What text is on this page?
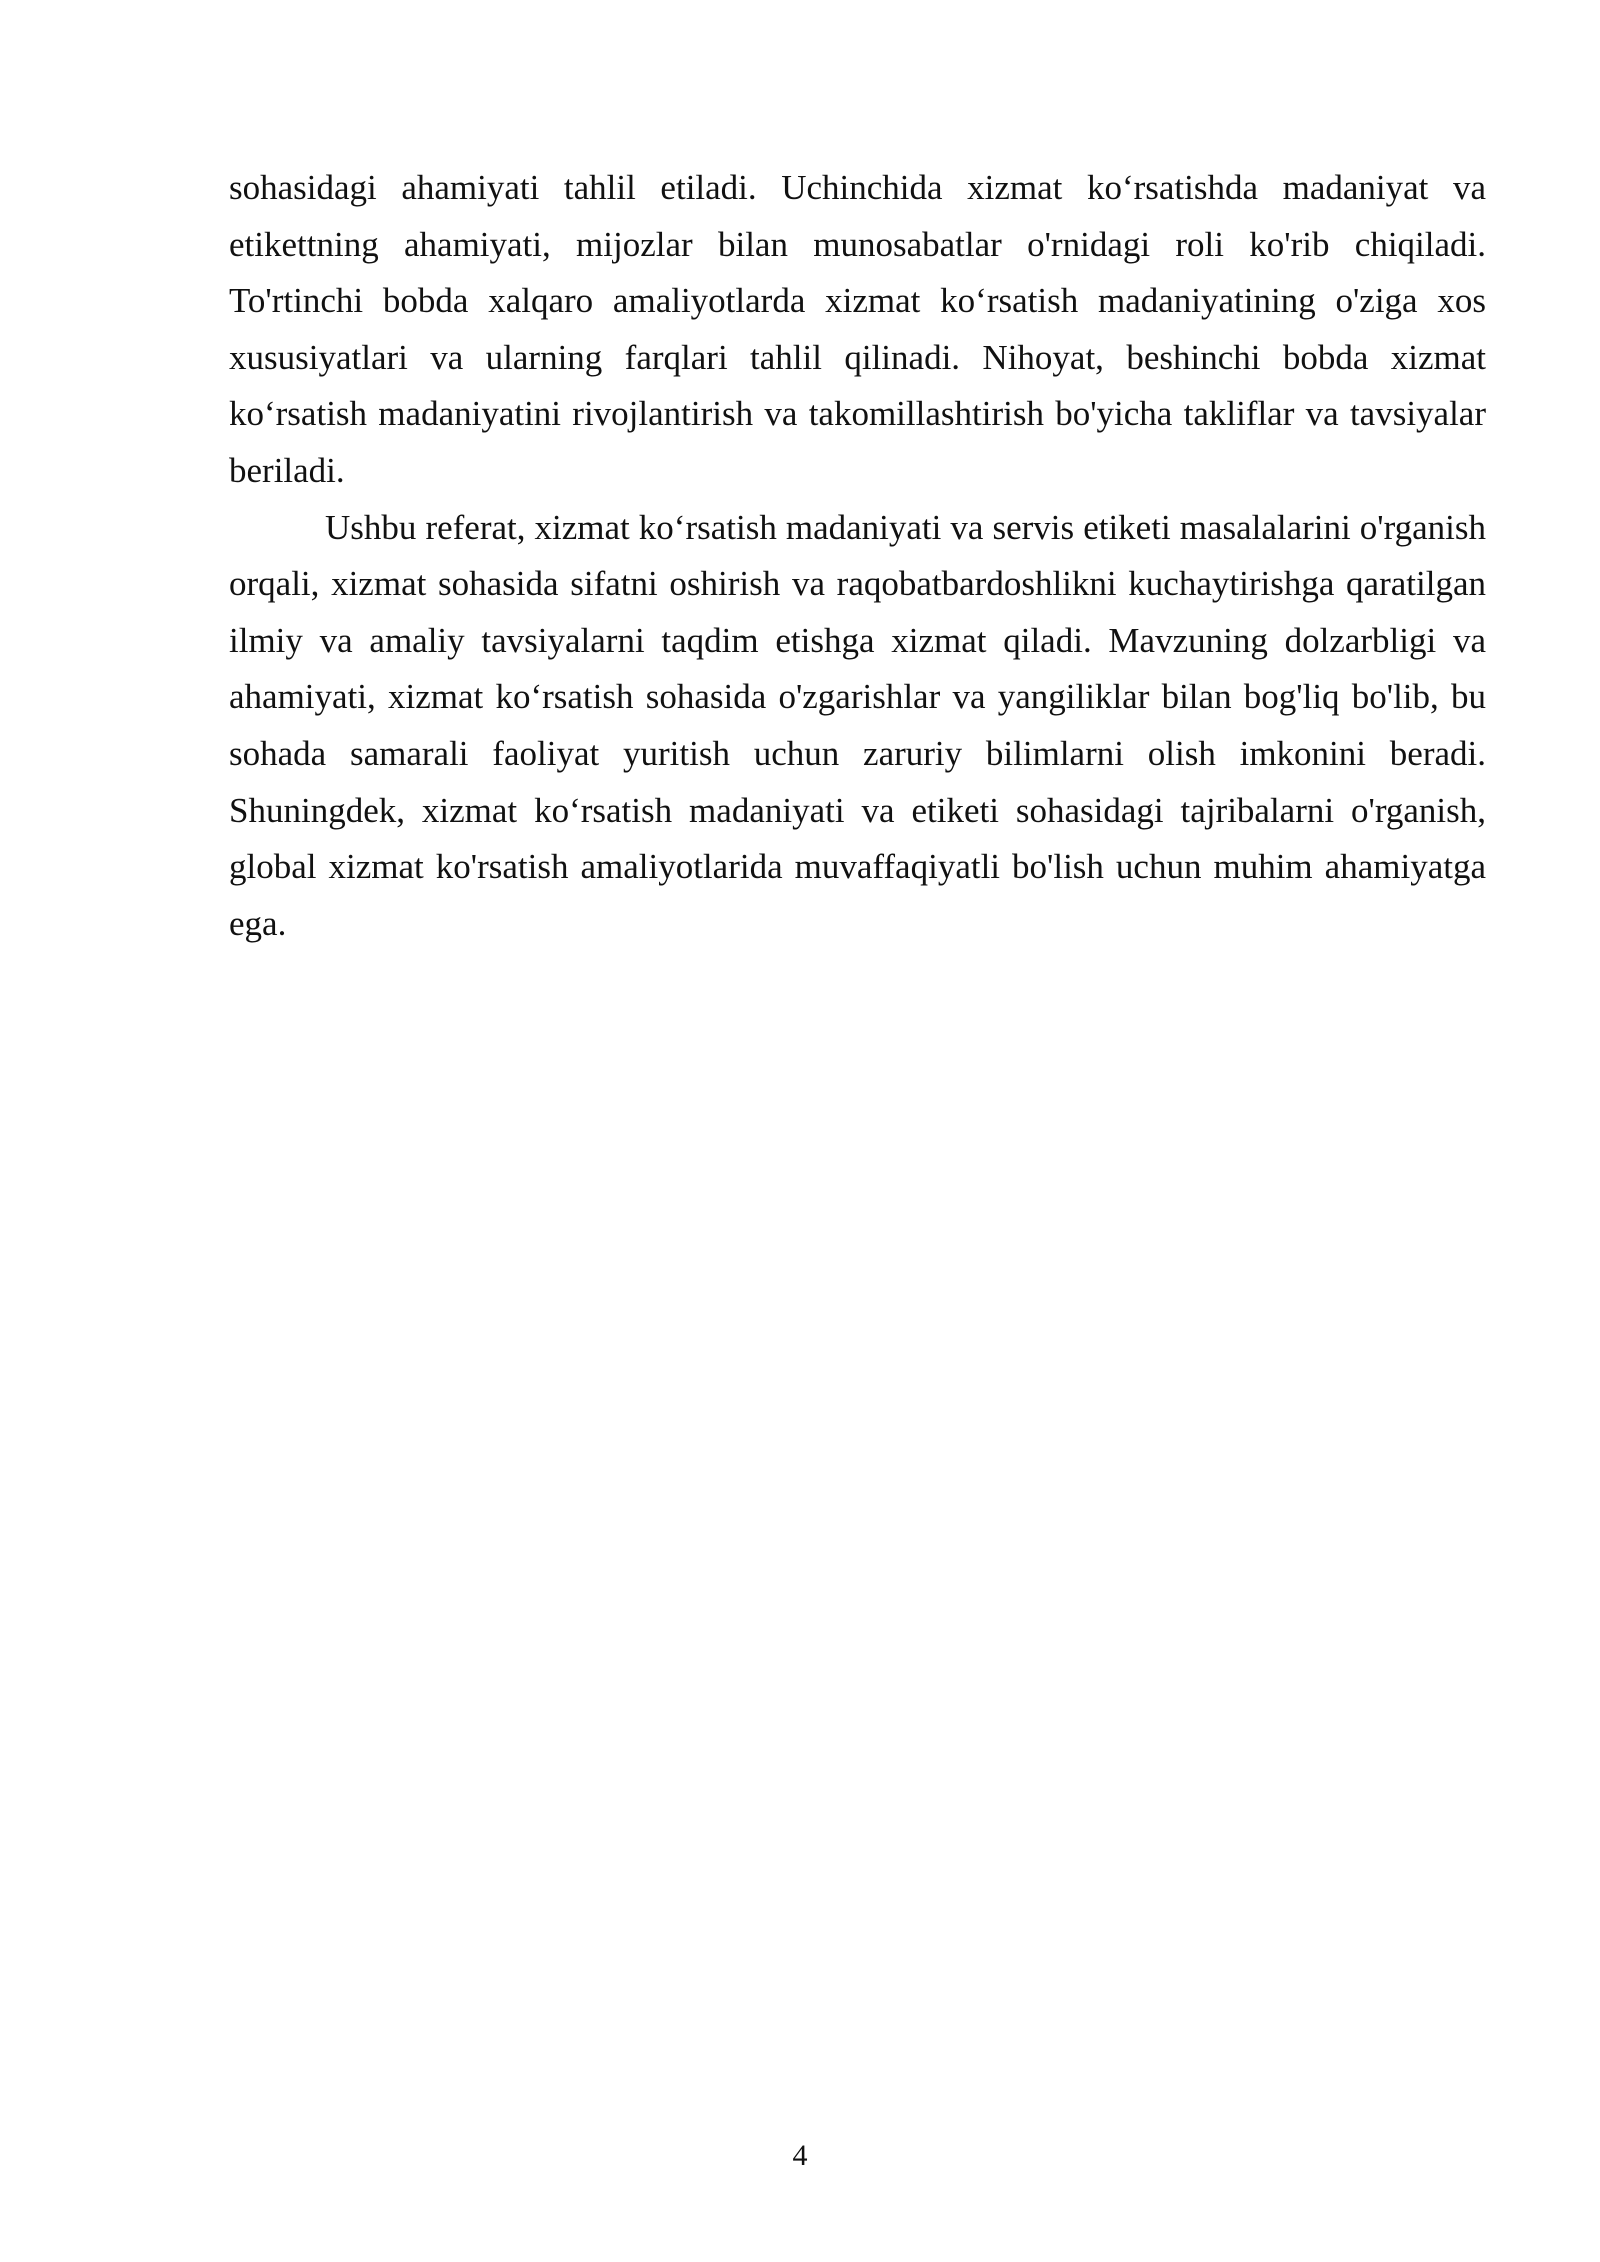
sohasidagi ahamiyati tahlil etiladi. Uchinchida xizmat ko‘rsatishda madaniyat va etikettning ahamiyati, mijozlar bilan munosabatlar o'rnidagi roli ko'rib chiqiladi. To'rtinchi bobda xalqaro amaliyotlarda xizmat ko‘rsatish madaniyatining o'ziga xos xususiyatlari va ularning farqlari tahlil qilinadi. Nihoyat, beshinchi bobda xizmat ko‘rsatish madaniyatini rivojlantirish va takomillashtirish bo'yicha takliflar va tavsiyalar beriladi.

Ushbu referat, xizmat ko‘rsatish madaniyati va servis etiketi masalalarini o'rganish orqali, xizmat sohasida sifatni oshirish va raqobatbardoshlikni kuchaytirishga qaratilgan ilmiy va amaliy tavsiyalarni taqdim etishga xizmat qiladi. Mavzuning dolzarbligi va ahamiyati, xizmat ko‘rsatish sohasida o'zgarishlar va yangiliklar bilan bog'liq bo'lib, bu sohada samarali faoliyat yuritish uchun zaruriy bilimlarni olish imkonini beradi. Shuningdek, xizmat ko‘rsatish madaniyati va etiketi sohasidagi tajribalarni o'rganish, global xizmat ko'rsatish amaliyotlarida muvaffaqiyatli bo'lish uchun muhim ahamiyatga ega.

4
